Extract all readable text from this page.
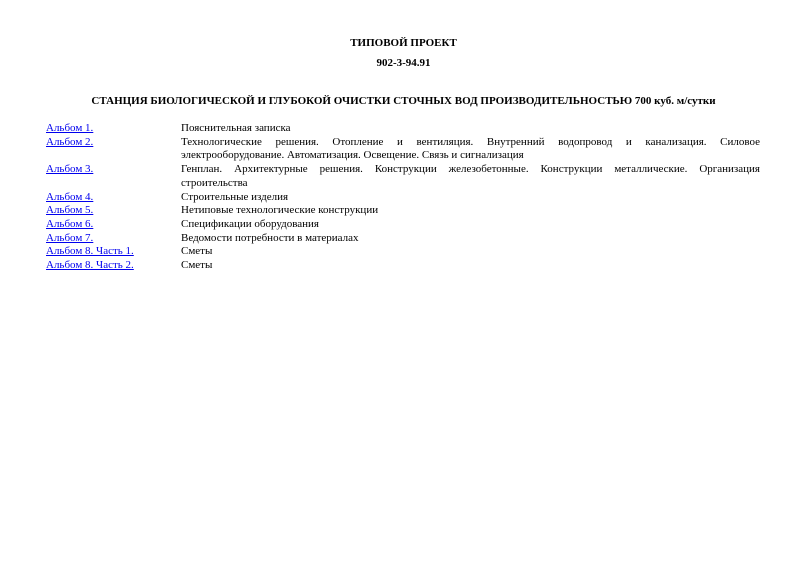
ТИПОВОЙ ПРОЕКТ
902-3-94.91
СТАНЦИЯ БИОЛОГИЧЕСКОЙ И ГЛУБОКОЙ ОЧИСТКИ СТОЧНЫХ ВОД ПРОИЗВОДИТЕЛЬНОСТЬЮ 700 куб. м/сутки
Альбом 1.	Пояснительная записка
Альбом 2.	Технологические решения. Отопление и вентиляция. Внутренний водопровод и канализация. Силовое электрооборудование. Автоматизация. Освещение. Связь и сигнализация
Альбом 3.	Генплан. Архитектурные решения. Конструкции железобетонные. Конструкции металлические. Организация строительства
Альбом 4.	Строительные изделия
Альбом 5.	Нетиповые технологические конструкции
Альбом 6.	Спецификации оборудования
Альбом 7.	Ведомости потребности в материалах
Альбом 8. Часть 1.	Сметы
Альбом 8. Часть 2.	Сметы
